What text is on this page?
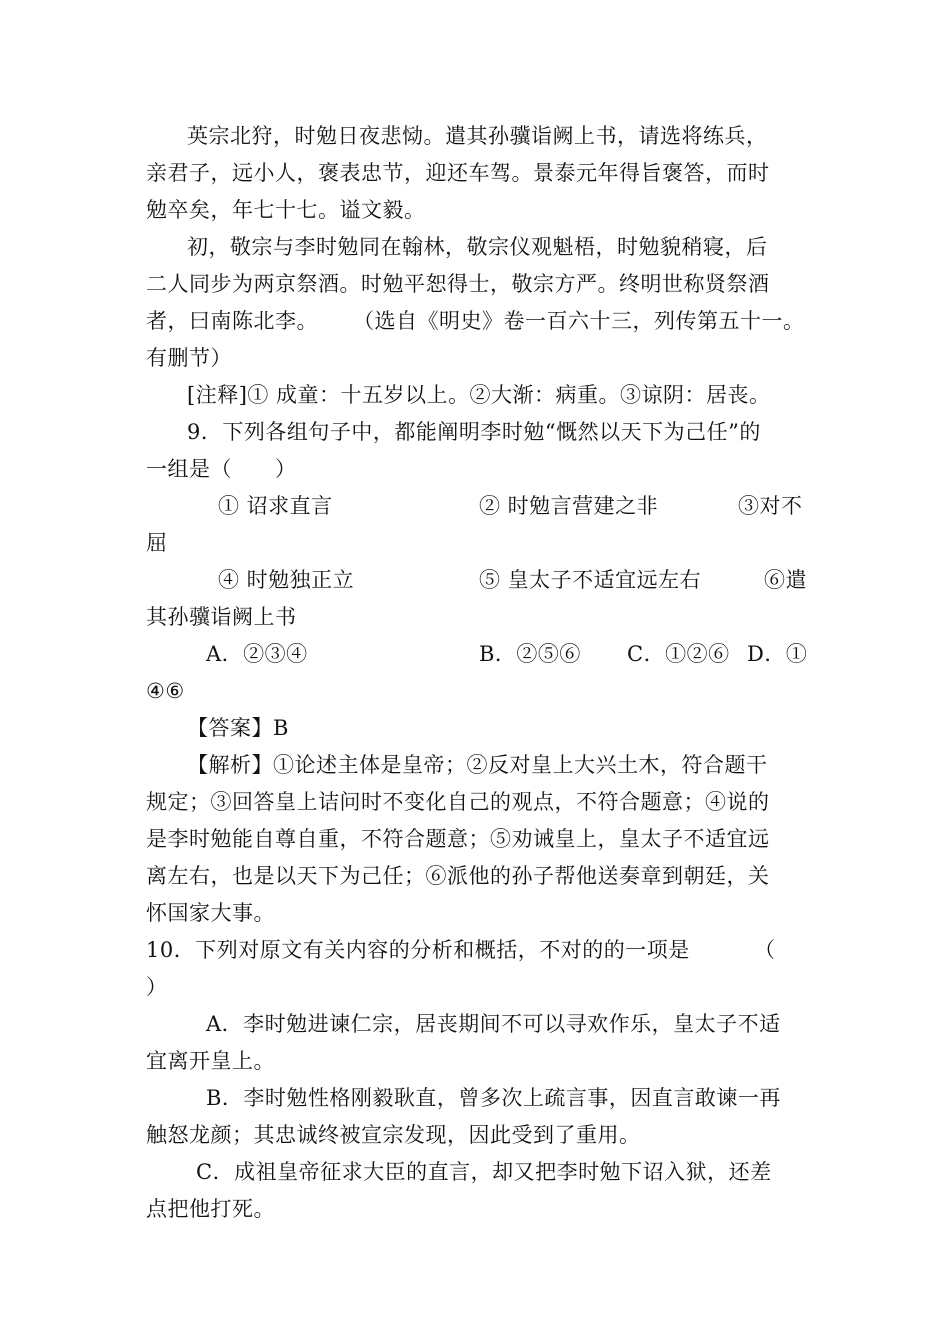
英宗北狩，时勉日夜悲恸。遣其孙骥诣阙上书，请选将练兵，
亲君子，远小人，褒表忠节，迎还车驾。景泰元年得旨褒答，而时
勉卒矣，年七十七。谥文毅。
初，敬宗与李时勉同在翰林，敬宗仪观魁梧，时勉貌稍寝，后
二人同步为两京祭酒。时勉平恕得士，敬宗方严。终明世称贤祭酒
者，曰南陈北李。 （选自《明史》卷一百六十三，列传第五十一。
有删节）
[注释]① 成童：十五岁以上。②大渐：病重。③谅阴：居丧。
9．下列各组句子中，都能阐明李时勉“慨然以天下为己任”的
一组是（　　）
① 诏求直言	② 时勉言营建之非	③对不
屈
④ 时勉独正立	⑤ 皇太子不适宜远左右	⑥遣
其孙骥诣阙上书
A．②③④	B．②⑤⑥ C．①②⑥ D．①
④⑥
【答案】B
【解析】①论述主体是皇帝；②反对皇上大兴土木，符合题干
规定；③回答皇上诘问时不变化自己的观点，不符合题意；④说的
是李时勉能自尊自重，不符合题意；⑤劝诫皇上，皇太子不适宜远
离左右，也是以天下为己任；⑥派他的孙子帮他送奏章到朝廷，关
怀国家大事。
10．下列对原文有关内容的分析和概括，不对的的一项是	（
）
A．李时勉进谏仁宗，居丧期间不可以寻欢作乐，皇太子不适
宜离开皇上。
B．李时勉性格刚毅耿直，曾多次上疏言事，因直言敢谏一再
触怒龙颜；其忠诚终被宣宗发现，因此受到了重用。
C．成祖皇帝征求大臣的直言，却又把李时勉下诏入狱，还差
点把他打死。
